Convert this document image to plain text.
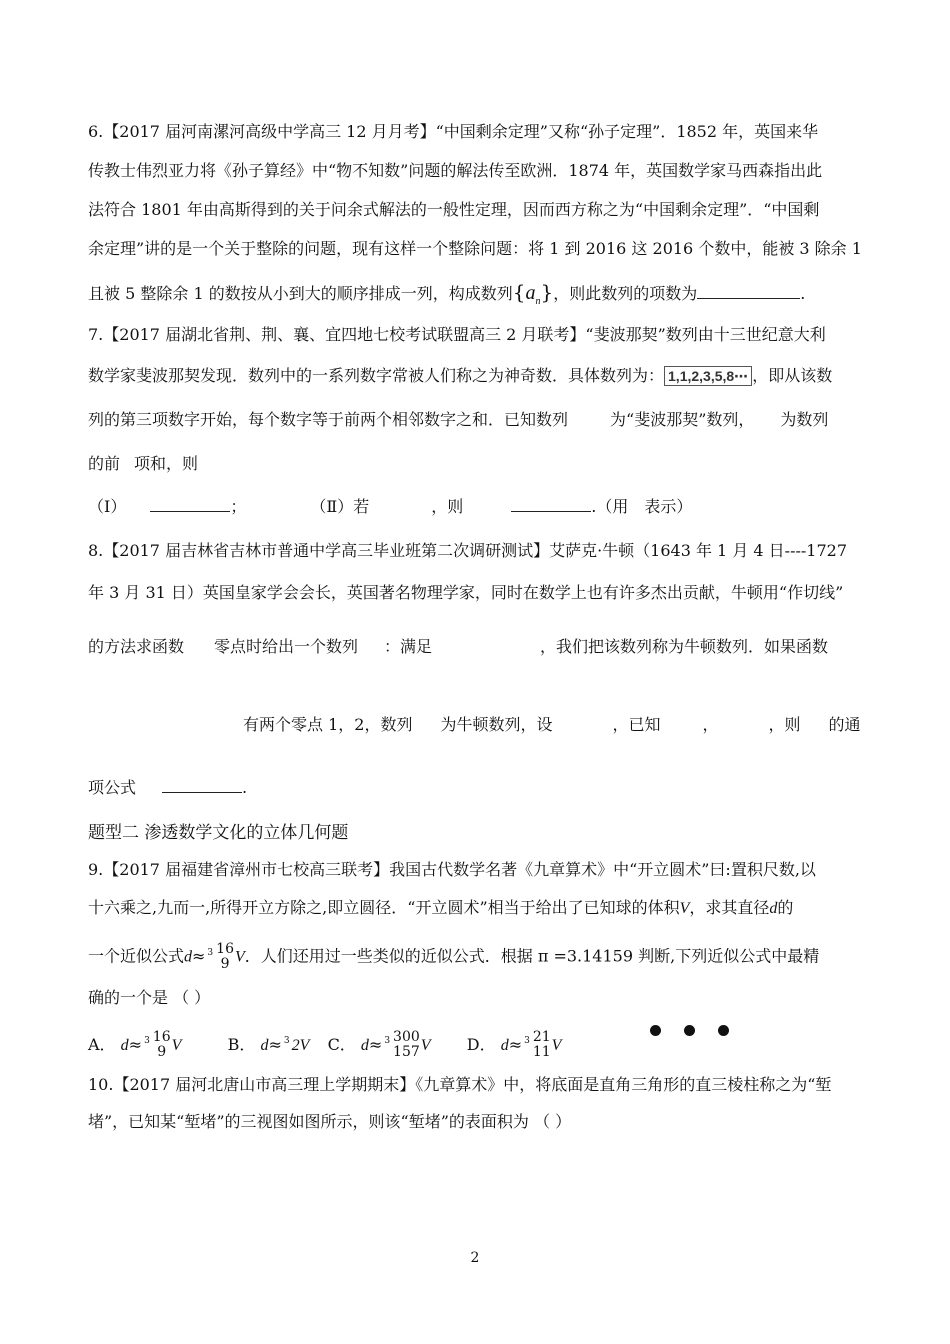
6.【2017 届河南漯河高级中学高三 12 月月考】“中国剩余定理”又称“孙子定理”．1852 年，英国来华
传教士伟烈亚力将《孙子算经》中“物不知数”问题的解法传至欧洲．1874 年，英国数学家马西森指出此
法符合 1801 年由高斯得到的关于问余式解法的一般性定理，因而西方称之为“中国剩余定理”．“中国剩
余定理”讲的是一个关于整除的问题，现有这样一个整除问题：将 1 到 2016 这 2016 个数中，能被 3 除余 1
且被 5 整除余 1 的数按从小到大的顺序排成一列，构成数列$\{a_n\}$，则此数列的项数为	.
7.【2017 届湖北省荆、荆、襄、宜四地七校考试联盟高三 2 月联考】“斐波那契”数列由十三世纪意大利
数学家斐波那契发现．数列中的一系列数字常被人们称之为神奇数．具体数列为： 1,1,2,3,5,8⋯ ，即从该数
列的第三项数字开始，每个数字等于前两个相邻数字之和．已知数列	为“斐波那契”数列， 为数列
的前 项和，则
（Ⅰ）	；	（Ⅱ）若	，则	.（用 表示）
8.【2017 届吉林省吉林市普通中学高三毕业班第二次调研测试】艾萨克·牛顿（1643 年 1 月 4 日----1727
年 3 月 31 日）英国皇家学会会长，英国著名物理学家，同时在数学上也有许多杰出贡献，牛顿用“作切线”
的方法求函数 零点时给出一个数列 ：满足	，我们把该数列称为牛顿数列．如果函数
有两个零点 1，2，数列 为牛顿数列，设	，已知	，	，则 的通
项公式	.
题型二 渗透数学文化的立体几何题
9.【2017 届福建省漳州市七校高三联考】我国古代数学名著《九章算术》中“开立圆术”曰:置积尺数,以
十六乘之,九而一,所得开立方除之,即立圆径．“开立圆术”相当于给出了已知球的体积V，求其直径d的
一个近似公式d≈ $^3$ 16
9 V．人们还用过一些类似的近似公式．根据 π =3.14159 判断,下列近似公式中最精
确的一个是 （ ）
A． d≈ $^3$ 16
9 V	B． d≈ $^3$ 2V C． d≈ $^3$ 300
157 V D． d≈ $^3$ 21
11 V
10.【2017 届河北唐山市高三理上学期期末】《九章算术》中，将底面是直角三角形的直三棱柱称之为“堑
堵”，已知某“堑堵”的三视图如图所示，则该“堑堵”的表面积为 （ ）
2
